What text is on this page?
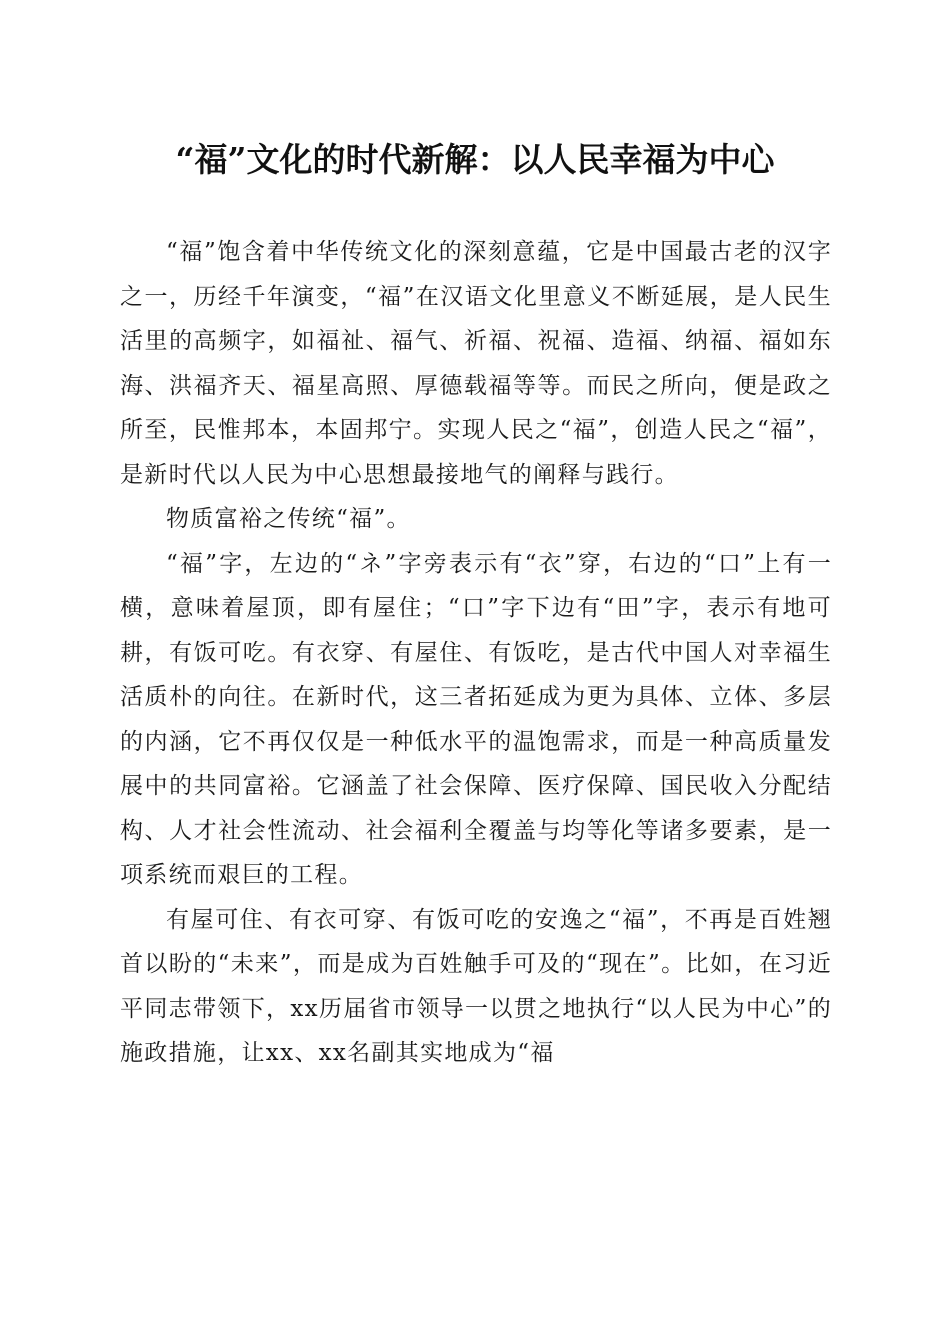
“福”文化的时代新解：以人民幸福为中心

“福”饱含着中华传统文化的深刻意蕴，它是中国最古老的汉字之一，历经千年演变，“福”在汉语文化里意义不断延展，是人民生活里的高频字，如福祉、福气、祈福、祝福、造福、纳福、福如东海、洪福齐天、福星高照、厚德载福等等。而民之所向，便是政之所至，民惟邦本，本固邦宁。实现人民之“福”，创造人民之“福”，是新时代以人民为中心思想最接地气的阐释与践行。

物质富裕之传统“福”。

“福”字，左边的“ネ”字旁表示有“衣”穿，右边的“口”上有一横，意味着屋顶，即有屋住；“口”字下边有“田”字，表示有地可耕，有饭可吃。有衣穿、有屋住、有饭吃，是古代中国人对幸福生活质朴的向往。在新时代，这三者拓延成为更为具体、立体、多层的内涵，它不再仅仅是一种低水平的温饱需求，而是一种高质量发展中的共同富裕。它涵盖了社会保障、医疗保障、国民收入分配结构、人才社会性流动、社会福利全覆盖与均等化等诸多要素，是一项系统而艰巨的工程。

有屋可住、有衣可穿、有饭可吃的安逸之“福”，不再是百姓翘首以盼的“未来”，而是成为百姓触手可及的“现在”。比如，在习近平同志带领下，xx历届省市领导一以贯之地执行“以人民为中心”的施政措施，让xx、xx名副其实地成为“福
